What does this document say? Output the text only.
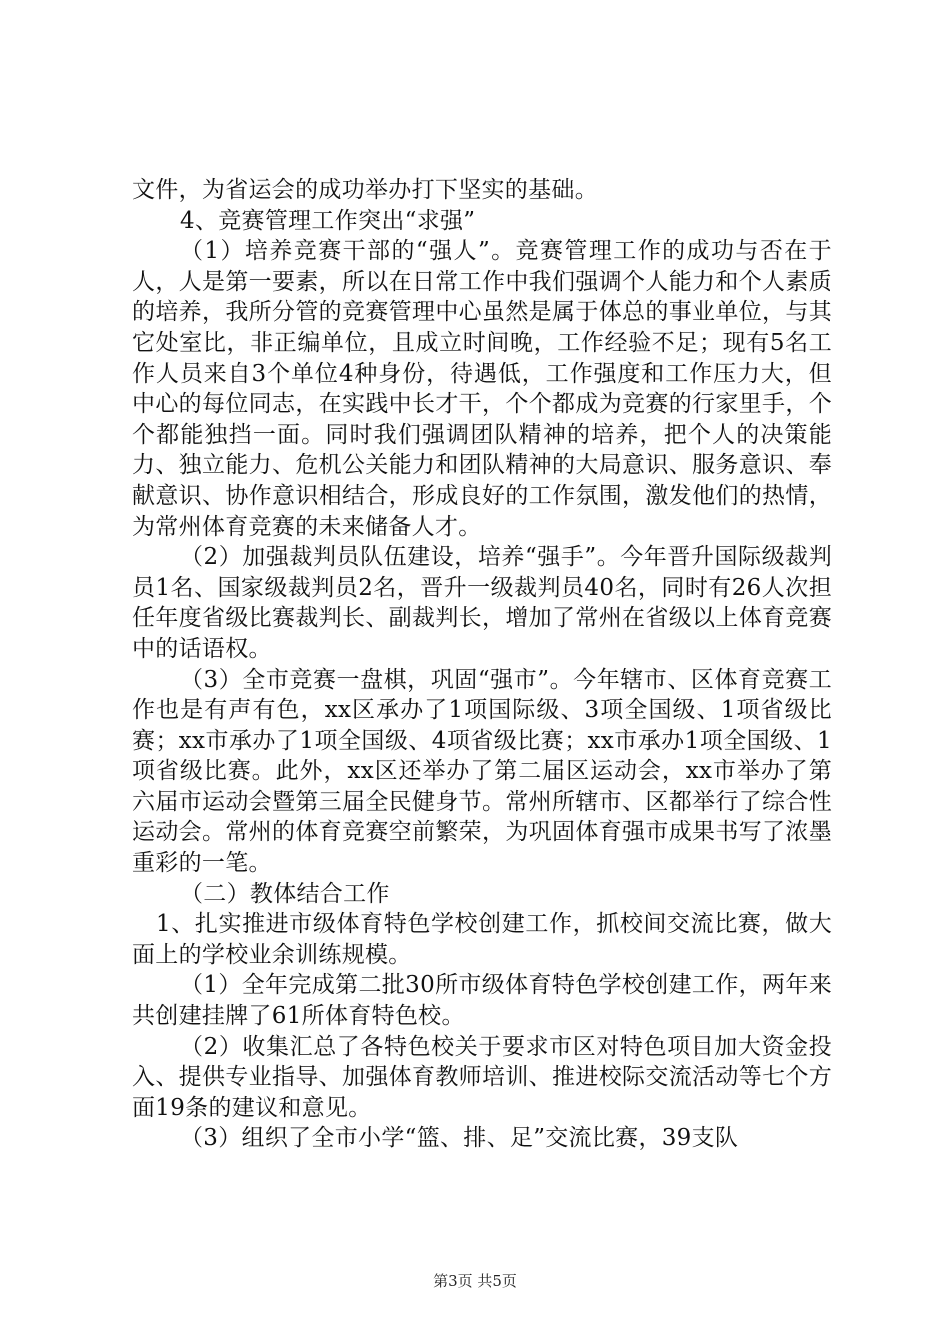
文件，为省运会的成功举办打下坚实的基础。

4、竞赛管理工作突出“求强”

（1）培养竞赛干部的“强人”。竞赛管理工作的成功与否在于人，人是第一要素，所以在日常工作中我们强调个人能力和个人素质的培养，我所分管的竞赛管理中心虽然是属于体总的事业单位，与其它处室比，非正编单位，且成立时间晚，工作经验不足；现有5名工作人员来自3个单位4种身份，待遇低，工作强度和工作压力大，但中心的每位同志，在实践中长才干，个个都成为竞赛的行家里手，个个都能独挡一面。同时我们强调团队精神的培养，把个人的决策能力、独立能力、危机公关能力和团队精神的大局意识、服务意识、奉献意识、协作意识相结合，形成良好的工作氛围，激发他们的热情，为常州体育竞赛的未来储备人才。

（2）加强裁判员队伍建设，培养“强手”。今年晋升国际级裁判员1名、国家级裁判员2名，晋升一级裁判员40名，同时有26人次担任年度省级比赛裁判长、副裁判长，增加了常州在省级以上体育竞赛中的话语权。

（3）全市竞赛一盘棋，巩固“强市”。今年辖市、区体育竞赛工作也是有声有色，xx区承办了1项国际级、3项全国级、1项省级比赛；xx市承办了1项全国级、4项省级比赛；xx市承办1项全国级、1项省级比赛。此外，xx区还举办了第二届区运动会，xx市举办了第六届市运动会暨第三届全民健身节。常州所辖市、区都举行了综合性运动会。常州的体育竞赛空前繁荣，为巩固体育强市成果书写了浓墨重彩的一笔。

（二）教体结合工作

1、扎实推进市级体育特色学校创建工作，抓校间交流比赛，做大面上的学校业余训练规模。

（1）全年完成第二批30所市级体育特色学校创建工作，两年来共创建挂牌了61所体育特色校。

（2）收集汇总了各特色校关于要求市区对特色项目加大资金投入、提供专业指导、加强体育教师培训、推进校际交流活动等七个方面19条的建议和意见。

（3）组织了全市小学“篮、排、足”交流比赛，39支队

第3页 共5页
